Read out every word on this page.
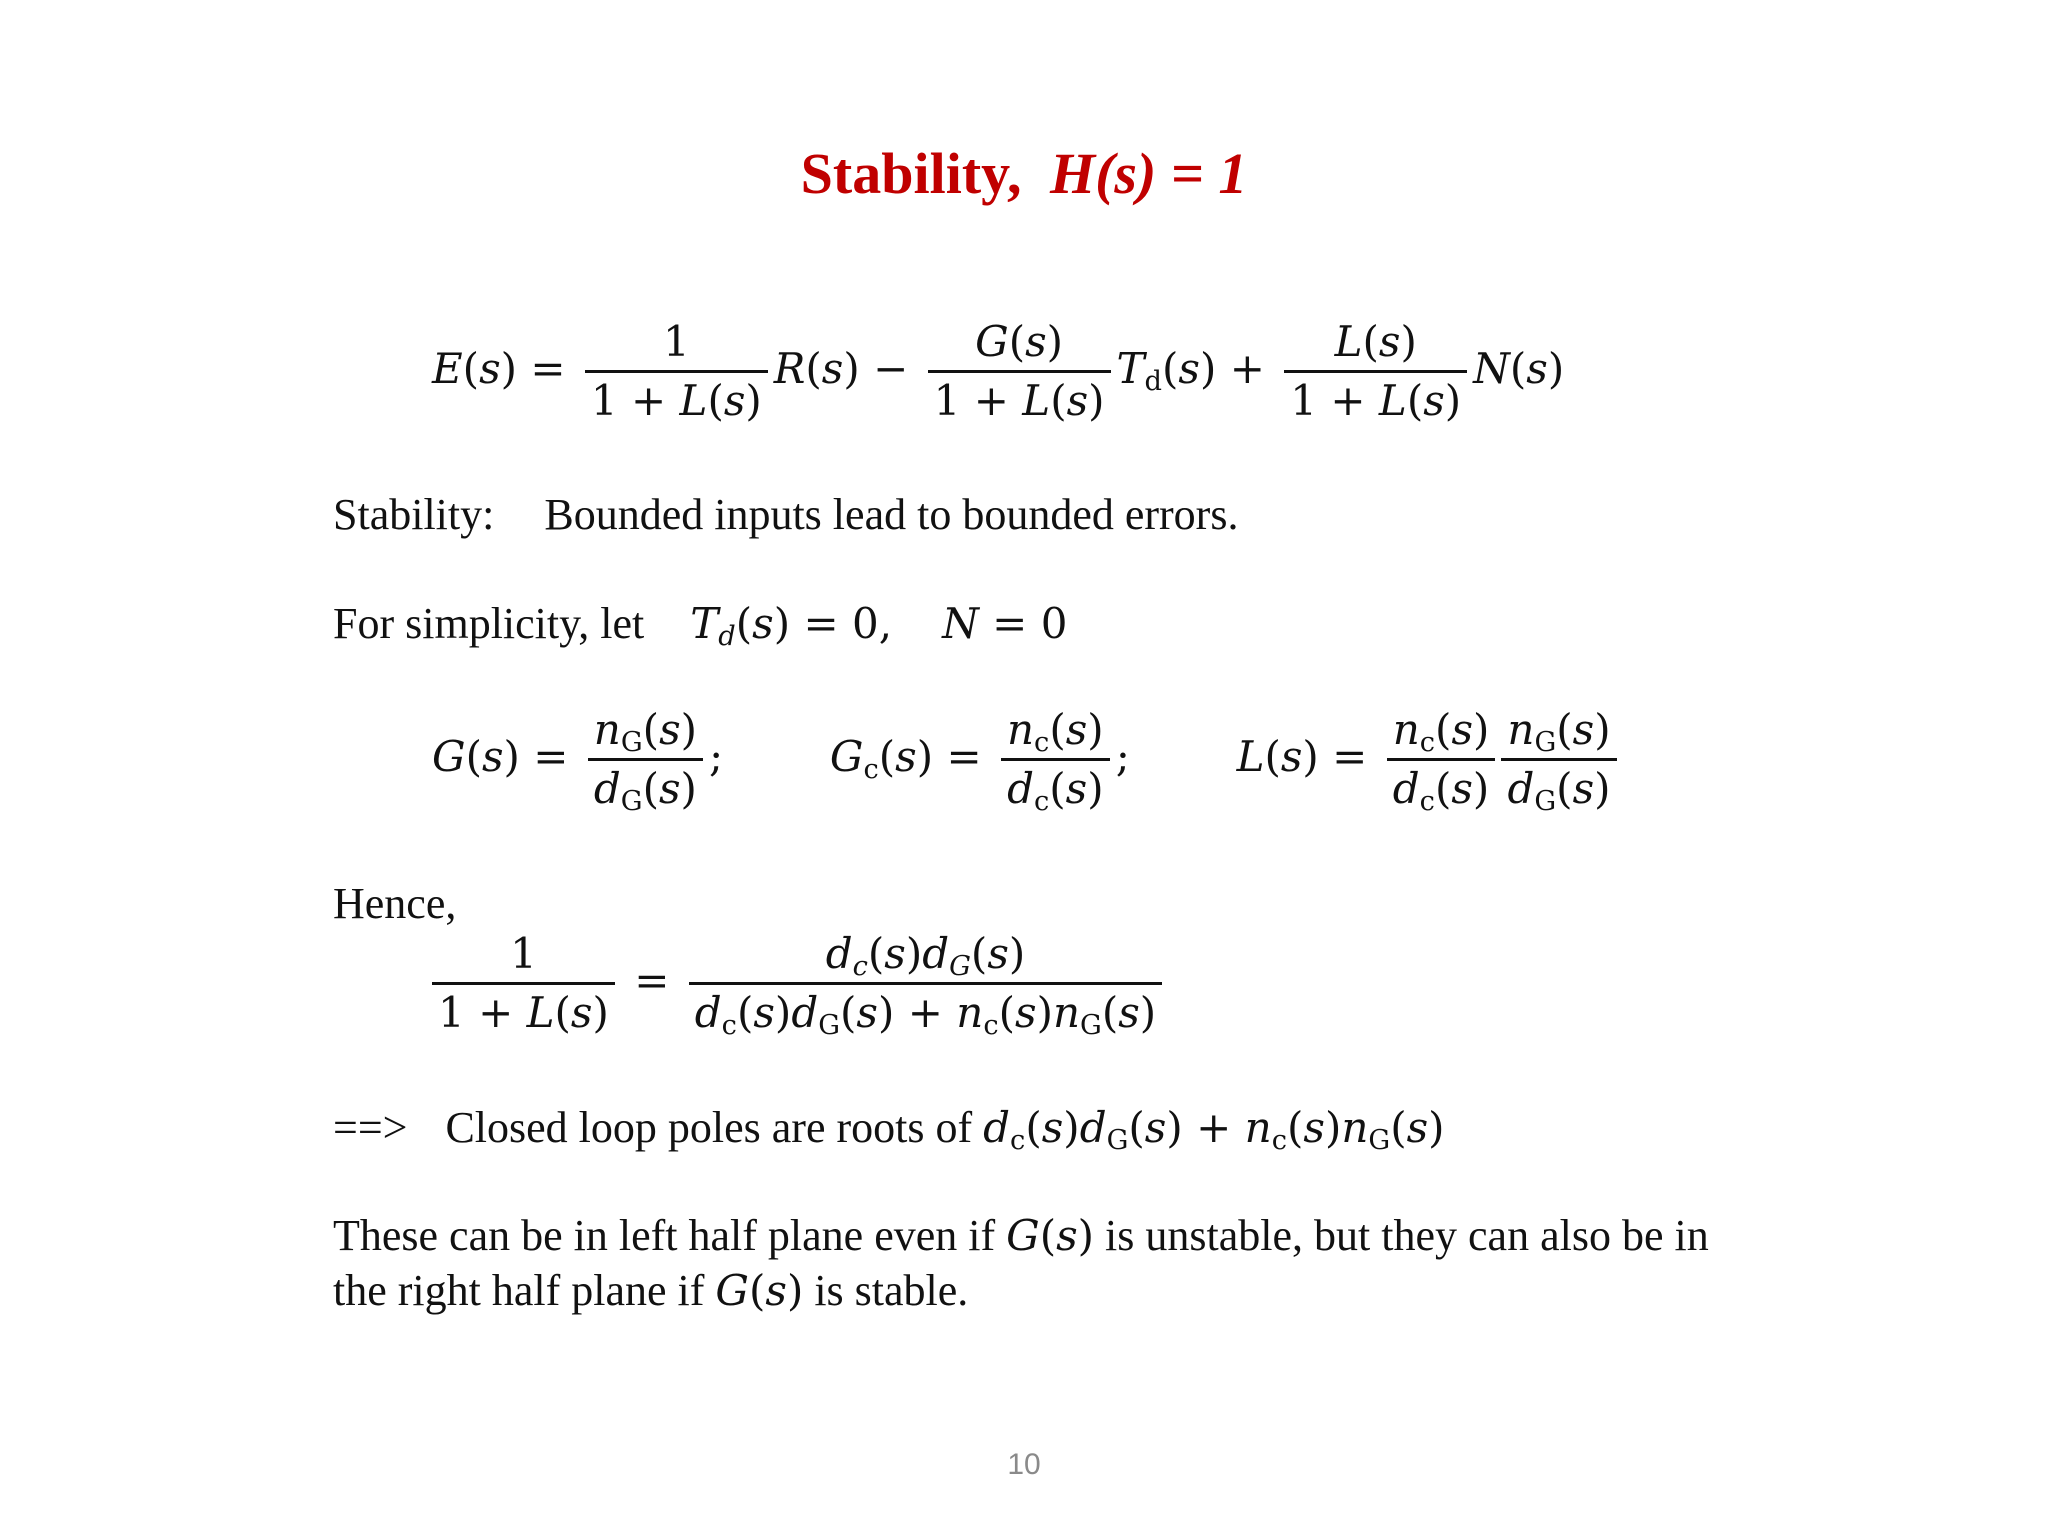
Stability, H(s) = 1
$E(s) = \frac{1}{1 + L(s)} R(s) - \frac{G(s)}{1 + L(s)} T_d(s) + \frac{L(s)}{1 + L(s)} N(s)$
Stability: Bounded inputs lead to bounded errors.
For simplicity, let $T_d(s) = 0$, N = 0
$G(s) = \frac{n_G(s)}{d_G(s)}$ ;  $G_c(s) = \frac{n_c(s)}{d_c(s)}$ ;  $L(s) = \frac{n_c(s)}{d_c(s)} \frac{n_G(s)}{d_G(s)}$
Hence,
$\frac{1}{1 + L(s)} = \frac{d_c(s)d_G(s)}{d_c(s)d_G(s) + n_c(s)n_G(s)}$
==> Closed loop poles are roots of $d_c(s)d_G(s) + n_c(s)n_G(s)$
These can be in left half plane even if G(s) is unstable, but they can also be in
the right half plane if G(s) is stable.
10
